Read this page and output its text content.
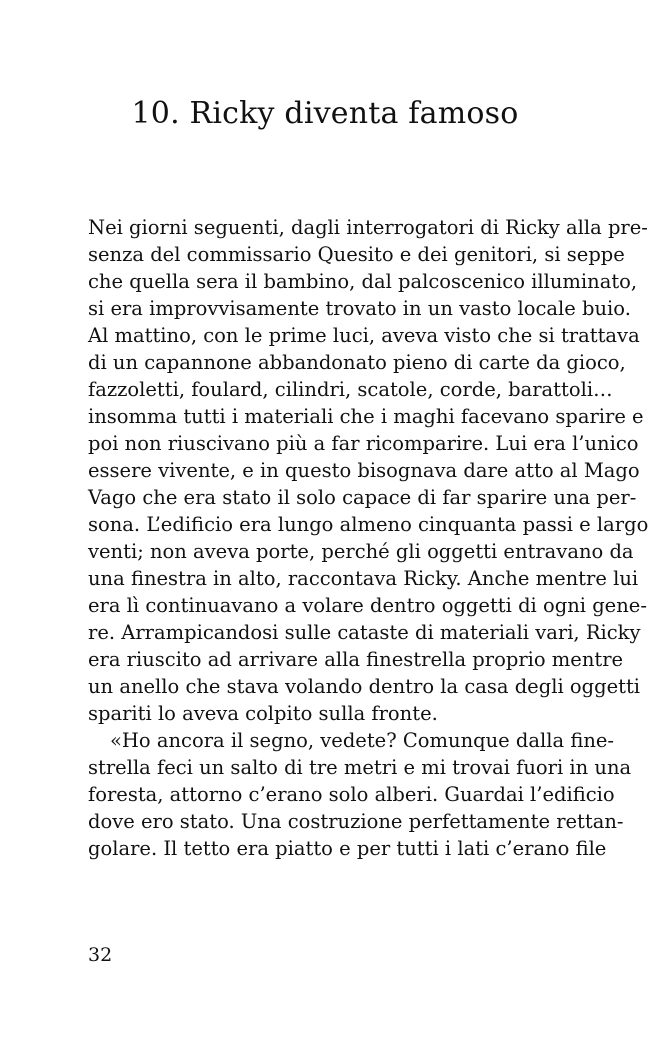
10. Ricky diventa famoso

Nei giorni seguenti, dagli interrogatori di Ricky alla pre-
senza del commissario Quesito e dei genitori, si seppe
che quella sera il bambino, dal palcoscenico illuminato,
si era improvvisamente trovato in un vasto locale buio.
Al mattino, con le prime luci, aveva visto che si trattava
di un capannone abbandonato pieno di carte da gioco,
fazzoletti, foulard, cilindri, scatole, corde, barattoli…
insomma tutti i materiali che i maghi facevano sparire e
poi non riuscivano più a far ricomparire. Lui era l’unico
essere vivente, e in questo bisognava dare atto al Mago
Vago che era stato il solo capace di far sparire una per-
sona. L’edificio era lungo almeno cinquanta passi e largo
venti; non aveva porte, perché gli oggetti entravano da
una finestra in alto, raccontava Ricky. Anche mentre lui
era lì continuavano a volare dentro oggetti di ogni gene-
re. Arrampicandosi sulle cataste di materiali vari, Ricky
era riuscito ad arrivare alla finestrella proprio mentre
un anello che stava volando dentro la casa degli oggetti
spariti lo aveva colpito sulla fronte.

«Ho ancora il segno, vedete? Comunque dalla fine-
strella feci un salto di tre metri e mi trovai fuori in una
foresta, attorno c’erano solo alberi. Guardai l’edificio
dove ero stato. Una costruzione perfettamente rettan-
golare. Il tetto era piatto e per tutti i lati c’erano file

32
